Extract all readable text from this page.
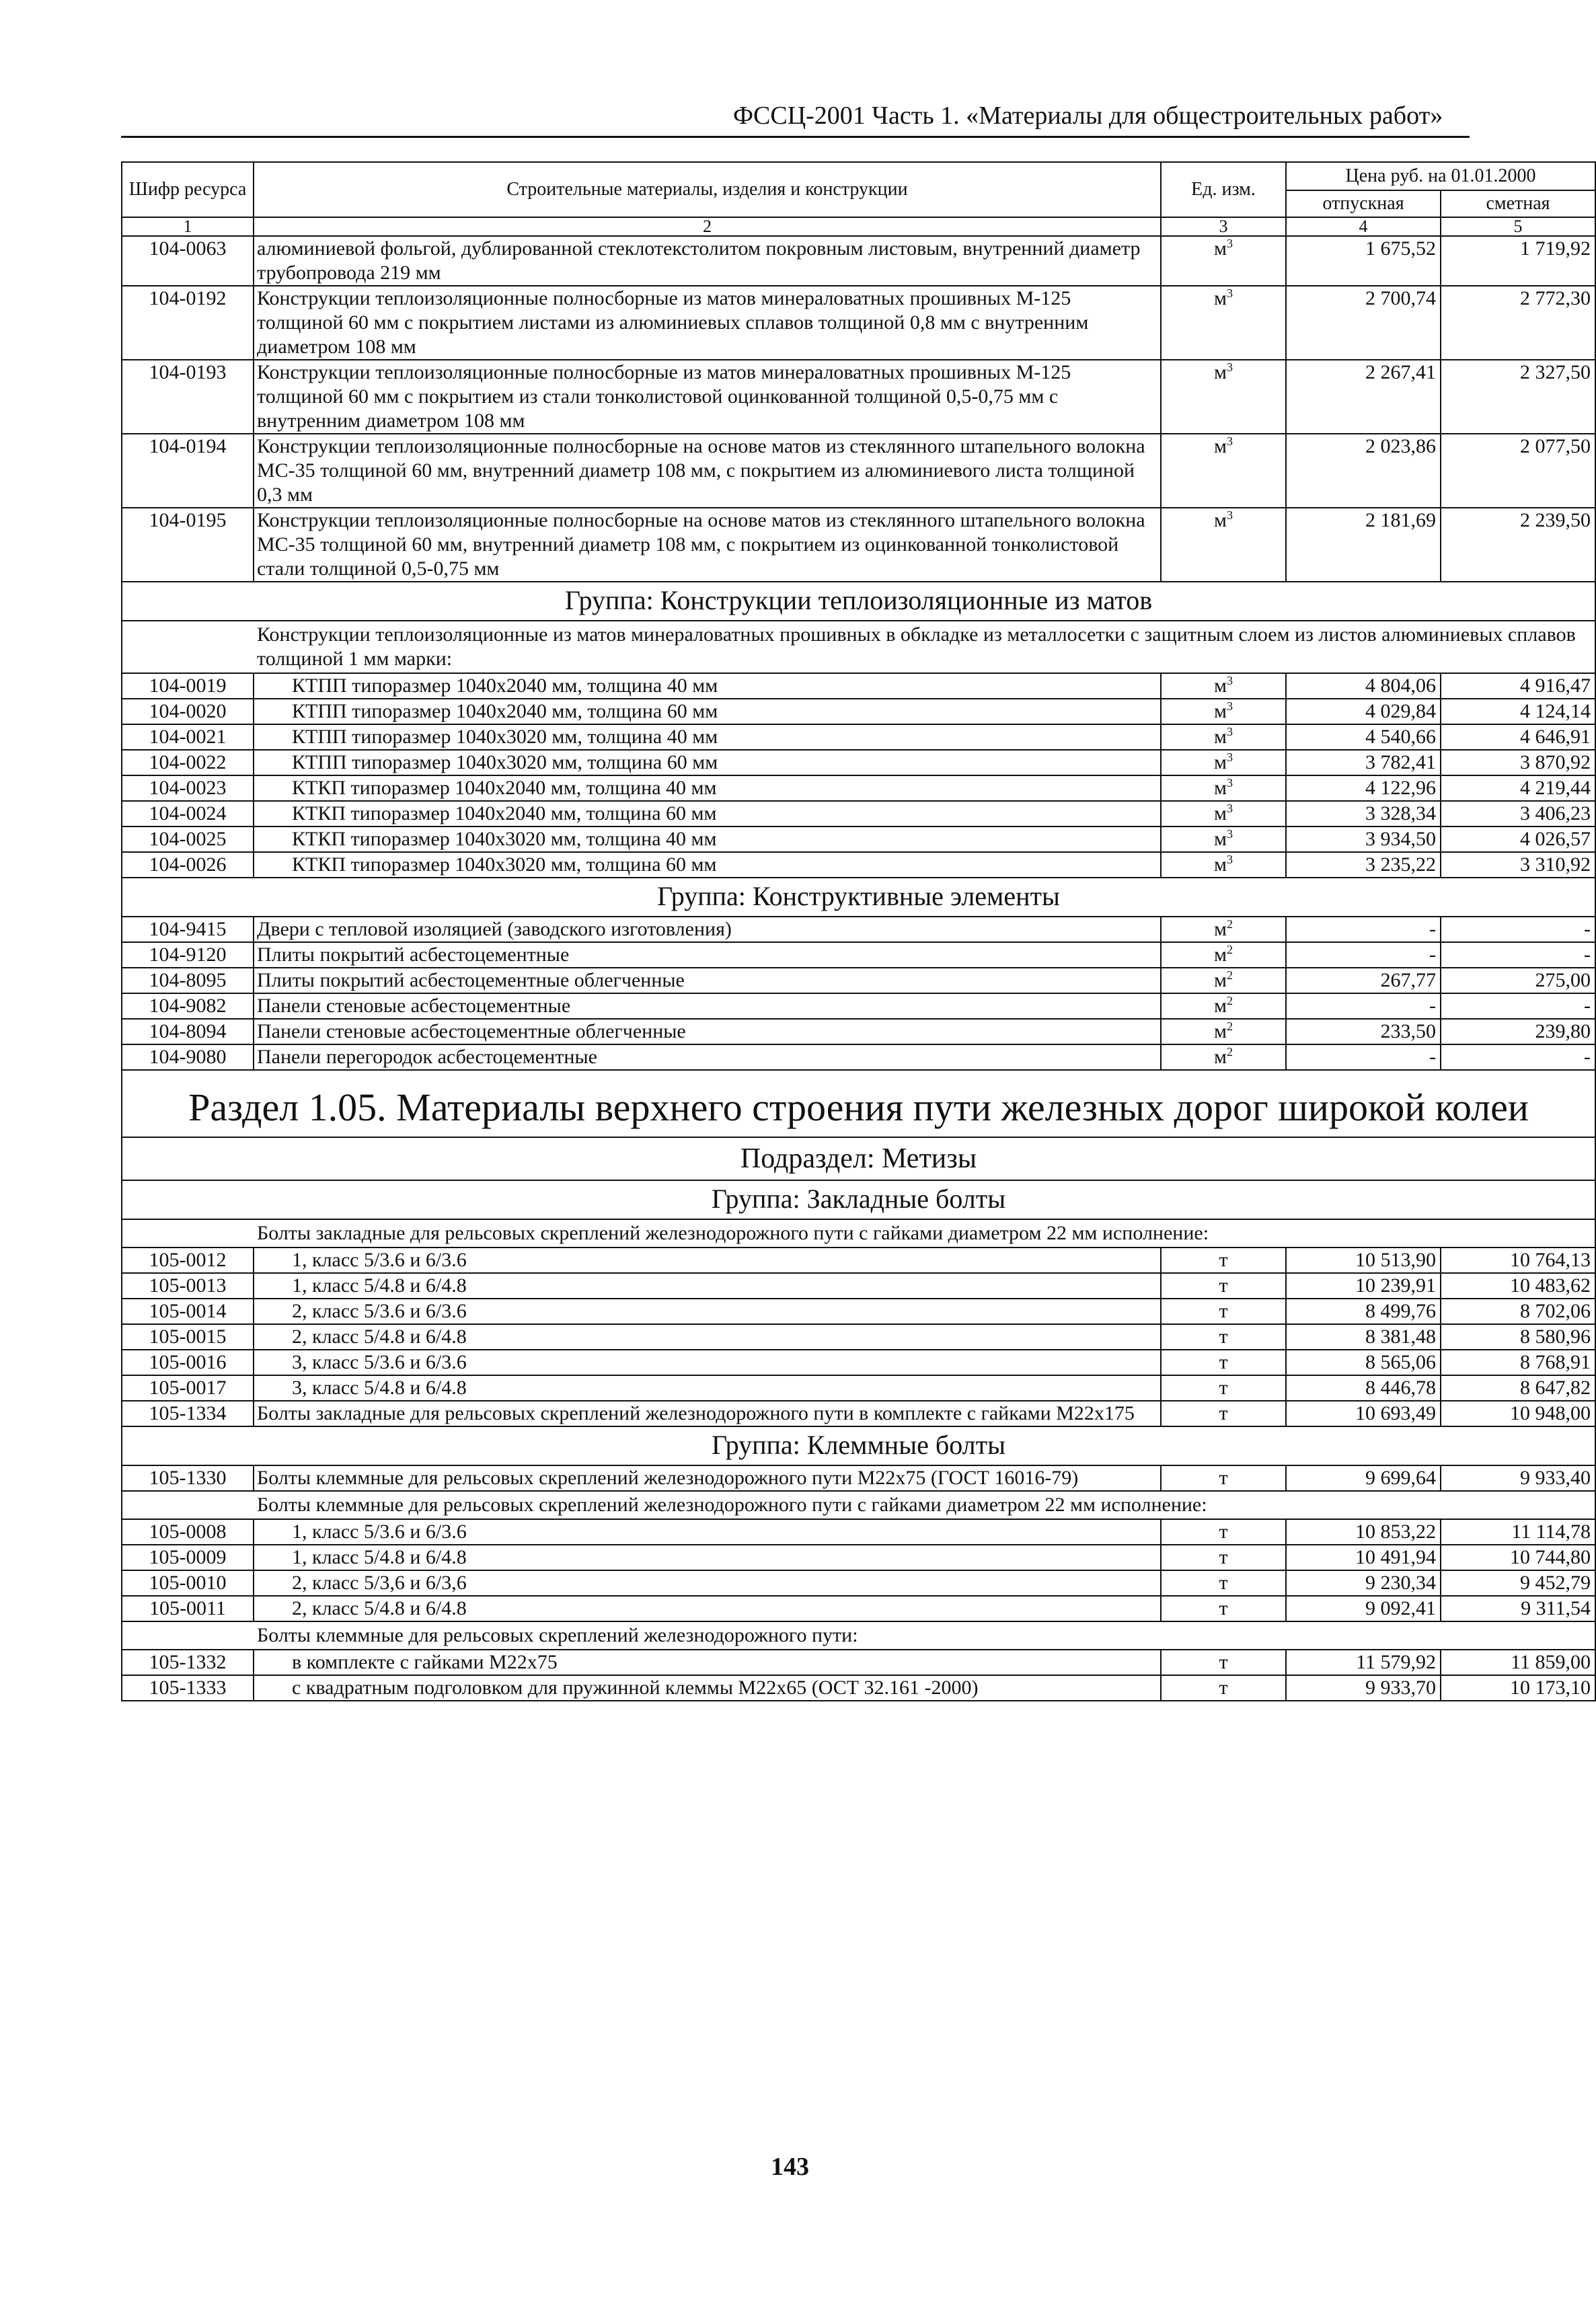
ФССЦ-2001 Часть 1. «Материалы для общестроительных работ»
Шифр ресурса	Строительные материалы, изделия и конструкции	Ед. изм.	Цена руб. на 01.01.2000	
			отпускная	сметная
1	2	3	4	5
104-0063	алюминиевой фольгой, дублированной стеклотекстолитом покровным листовым, внутренний диаметр трубопровода 219 мм	$м^3$	1 675,52	1 719,92
104-0192	Конструкции теплоизоляционные полносборные из матов минераловатных прошивных М-125 толщиной 60 мм с покрытием листами из алюминиевых сплавов толщиной 0,8 мм с внутренним диаметром 108 мм	$м^3$	2 700,74	2 772,30
104-0193	Конструкции теплоизоляционные полносборные из матов минераловатных прошивных М-125 толщиной 60 мм с покрытием из стали тонколистовой оцинкованной толщиной 0,5-0,75 мм с внутренним диаметром 108 мм	$м^3$	2 267,41	2 327,50
104-0194	Конструкции теплоизоляционные полносборные на основе матов из стеклянного штапельного волокна МС-35 толщиной 60 мм, внутренний диаметр 108 мм, с покрытием из алюминиевого листа толщиной 0,3 мм	$м^3$	2 023,86	2 077,50
104-0195	Конструкции теплоизоляционные полносборные на основе матов из стеклянного штапельного волокна МС-35 толщиной 60 мм, внутренний диаметр 108 мм, с покрытием из оцинкованной тонколистовой стали толщиной 0,5-0,75 мм	$м^3$	2 181,69	2 239,50
Группа: Конструкции теплоизоляционные из матов				
Конструкции теплоизоляционные из матов минераловатных прошивных в обкладке из металлосетки с защитным слоем из листов алюминиевых сплавов толщиной 1 мм марки:				
104-0019	КТПП типоразмер 1040х2040 мм, толщина 40 мм	$м^3$	4 804,06	4 916,47
104-0020	КТПП типоразмер 1040х2040 мм, толщина 60 мм	$м^3$	4 029,84	4 124,14
104-0021	КТПП типоразмер 1040х3020 мм, толщина 40 мм	$м^3$	4 540,66	4 646,91
104-0022	КТПП типоразмер 1040х3020 мм, толщина 60 мм	$м^3$	3 782,41	3 870,92
104-0023	КТКП типоразмер 1040х2040 мм, толщина 40 мм	$м^3$	4 122,96	4 219,44
104-0024	КТКП типоразмер 1040х2040 мм, толщина 60 мм	$м^3$	3 328,34	3 406,23
104-0025	КТКП типоразмер 1040х3020 мм, толщина 40 мм	$м^3$	3 934,50	4 026,57
104-0026	КТКП типоразмер 1040х3020 мм, толщина 60 мм	$м^3$	3 235,22	3 310,92
Группа: Конструктивные элементы				
104-9415	Двери с тепловой изоляцией (заводского изготовления)	$м^2$	-	-
104-9120	Плиты покрытий асбестоцементные	$м^2$	-	-
104-8095	Плиты покрытий асбестоцементные облегченные	$м^2$	267,77	275,00
104-9082	Панели стеновые асбестоцементные	$м^2$	-	-
104-8094	Панели стеновые асбестоцементные облегченные	$м^2$	233,50	239,80
104-9080	Панели перегородок асбестоцементные	$м^2$	-	-
Раздел 1.05. Материалы верхнего строения пути железных дорог широкой колеи				
Подраздел: Метизы				
Группа: Закладные болты				
Болты закладные для рельсовых скреплений железнодорожного пути с гайками диаметром 22 мм исполнение:				
105-0012	1, класс 5/3.6 и 6/3.6	т	10 513,90	10 764,13
105-0013	1, класс 5/4.8 и 6/4.8	т	10 239,91	10 483,62
105-0014	2, класс 5/3.6 и 6/3.6	т	8 499,76	8 702,06
105-0015	2, класс 5/4.8 и 6/4.8	т	8 381,48	8 580,96
105-0016	3, класс 5/3.6 и 6/3.6	т	8 565,06	8 768,91
105-0017	3, класс 5/4.8 и 6/4.8	т	8 446,78	8 647,82
105-1334	Болты закладные для рельсовых скреплений железнодорожного пути в комплекте с гайками М22х175	т	10 693,49	10 948,00
Группа: Клеммные болты				
105-1330	Болты клеммные для рельсовых скреплений железнодорожного пути М22х75 (ГОСТ 16016-79)	т	9 699,64	9 933,40
Болты клеммные для рельсовых скреплений железнодорожного пути с гайками диаметром 22 мм исполнение:				
105-0008	1, класс 5/3.6 и 6/3.6	т	10 853,22	11 114,78
105-0009	1, класс 5/4.8 и 6/4.8	т	10 491,94	10 744,80
105-0010	2, класс 5/3,6 и 6/3,6	т	9 230,34	9 452,79
105-0011	2, класс 5/4.8 и 6/4.8	т	9 092,41	9 311,54
Болты клеммные для рельсовых скреплений железнодорожного пути:				
105-1332	в комплекте с гайками М22х75	т	11 579,92	11 859,00
105-1333	с квадратным подголовком для пружинной клеммы М22х65 (ОСТ 32.161 -2000)	т	9 933,70	10 173,10
143
